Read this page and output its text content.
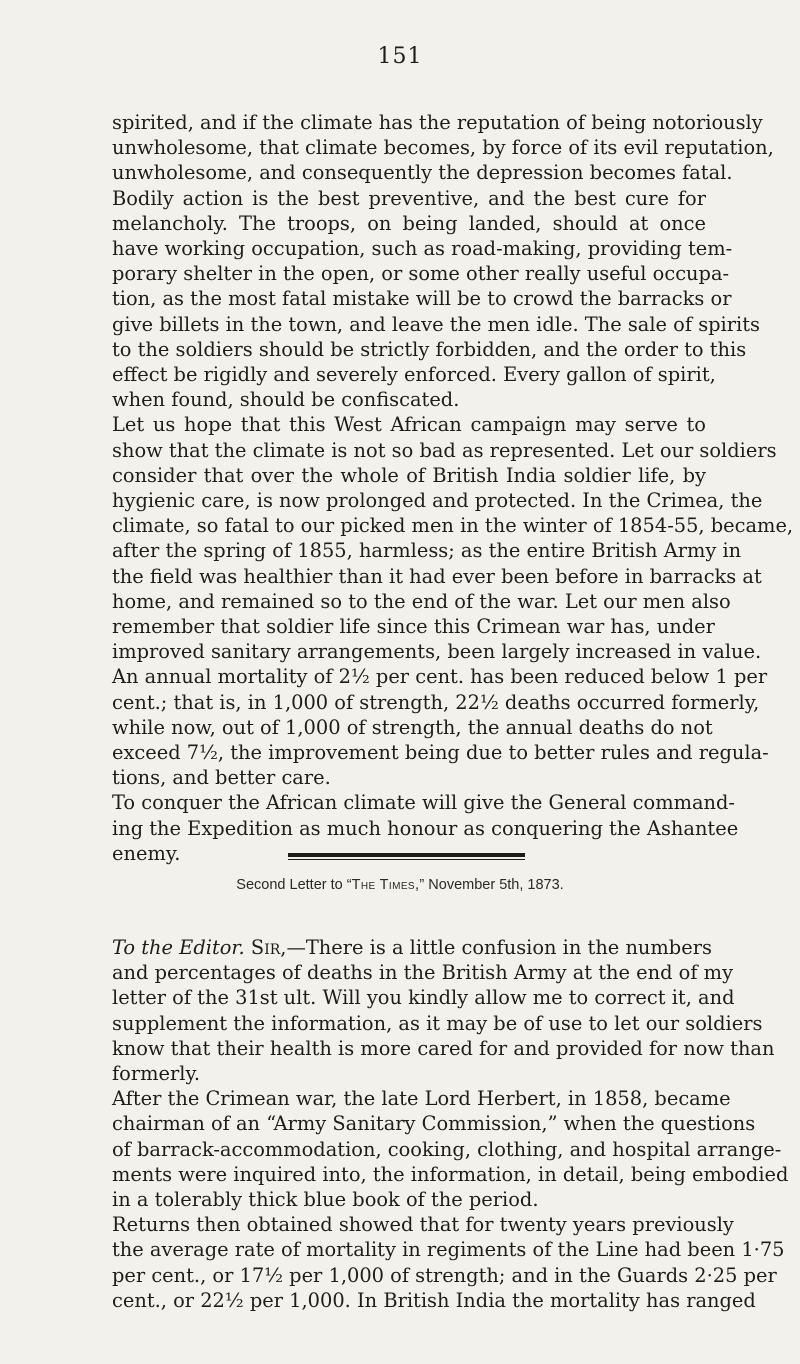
151

spirited, and if the climate has the reputation of being notoriously
unwholesome, that climate becomes, by force of its evil reputation,
unwholesome, and consequently the depression becomes fatal.
Bodily action is the best preventive, and the best cure for
melancholy. The troops, on being landed, should at once
have working occupation, such as road-making, providing tem-
porary shelter in the open, or some other really useful occupa-
tion, as the most fatal mistake will be to crowd the barracks or
give billets in the town, and leave the men idle. The sale of spirits
to the soldiers should be strictly forbidden, and the order to this
effect be rigidly and severely enforced. Every gallon of spirit,
when found, should be confiscated.

Let us hope that this West African campaign may serve to
show that the climate is not so bad as represented. Let our soldiers
consider that over the whole of British India soldier life, by
hygienic care, is now prolonged and protected. In the Crimea, the
climate, so fatal to our picked men in the winter of 1854-55, became,
after the spring of 1855, harmless; as the entire British Army in
the field was healthier than it had ever been before in barracks at
home, and remained so to the end of the war. Let our men also
remember that soldier life since this Crimean war has, under
improved sanitary arrangements, been largely increased in value.
An annual mortality of 2½ per cent. has been reduced below 1 per
cent.; that is, in 1,000 of strength, 22½ deaths occurred formerly,
while now, out of 1,000 of strength, the annual deaths do not
exceed 7½, the improvement being due to better rules and regula-
tions, and better care.

To conquer the African climate will give the General command-
ing the Expedition as much honour as conquering the Ashantee
enemy.

Second Letter to “The Times,” November 5th, 1873.

To the Editor. Sir,—There is a little confusion in the numbers
and percentages of deaths in the British Army at the end of my
letter of the 31st ult. Will you kindly allow me to correct it, and
supplement the information, as it may be of use to let our soldiers
know that their health is more cared for and provided for now than
formerly.

After the Crimean war, the late Lord Herbert, in 1858, became
chairman of an “Army Sanitary Commission,” when the questions
of barrack-accommodation, cooking, clothing, and hospital arrange-
ments were inquired into, the information, in detail, being embodied
in a tolerably thick blue book of the period.

Returns then obtained showed that for twenty years previously
the average rate of mortality in regiments of the Line had been 1·75
per cent., or 17½ per 1,000 of strength; and in the Guards 2·25 per
cent., or 22½ per 1,000. In British India the mortality has ranged
